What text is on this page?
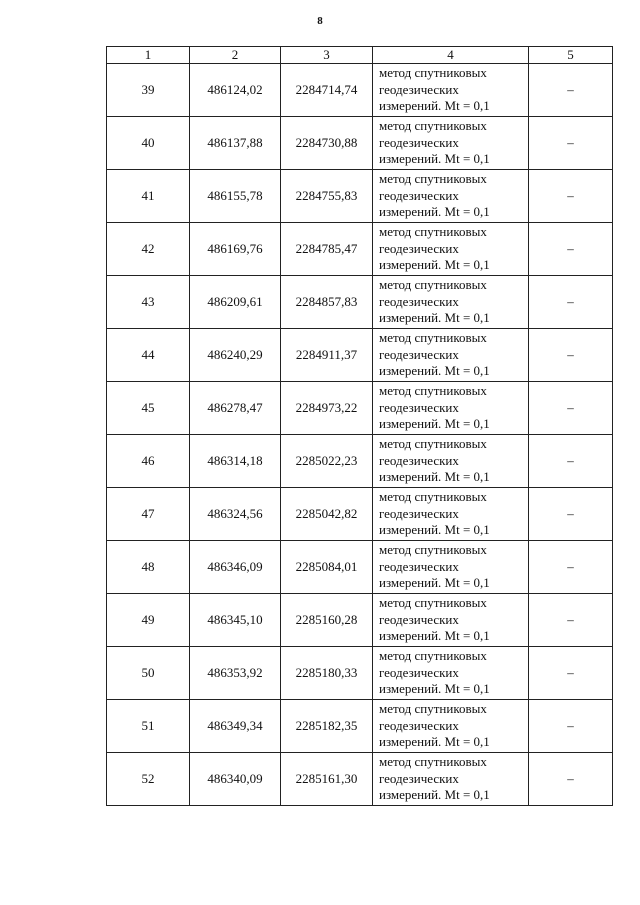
8
1	2	3	4	5
39	486124,02	2284714,74	метод спутниковых
геодезических
измерений. Mt = 0,1	–
40	486137,88	2284730,88	метод спутниковых
геодезических
измерений. Mt = 0,1	–
41	486155,78	2284755,83	метод спутниковых
геодезических
измерений. Mt = 0,1	–
42	486169,76	2284785,47	метод спутниковых
геодезических
измерений. Mt = 0,1	–
43	486209,61	2284857,83	метод спутниковых
геодезических
измерений. Mt = 0,1	–
44	486240,29	2284911,37	метод спутниковых
геодезических
измерений. Mt = 0,1	–
45	486278,47	2284973,22	метод спутниковых
геодезических
измерений. Mt = 0,1	–
46	486314,18	2285022,23	метод спутниковых
геодезических
измерений. Mt = 0,1	–
47	486324,56	2285042,82	метод спутниковых
геодезических
измерений. Mt = 0,1	–
48	486346,09	2285084,01	метод спутниковых
геодезических
измерений. Mt = 0,1	–
49	486345,10	2285160,28	метод спутниковых
геодезических
измерений. Mt = 0,1	–
50	486353,92	2285180,33	метод спутниковых
геодезических
измерений. Mt = 0,1	–
51	486349,34	2285182,35	метод спутниковых
геодезических
измерений. Mt = 0,1	–
52	486340,09	2285161,30	метод спутниковых
геодезических
измерений. Mt = 0,1	–
